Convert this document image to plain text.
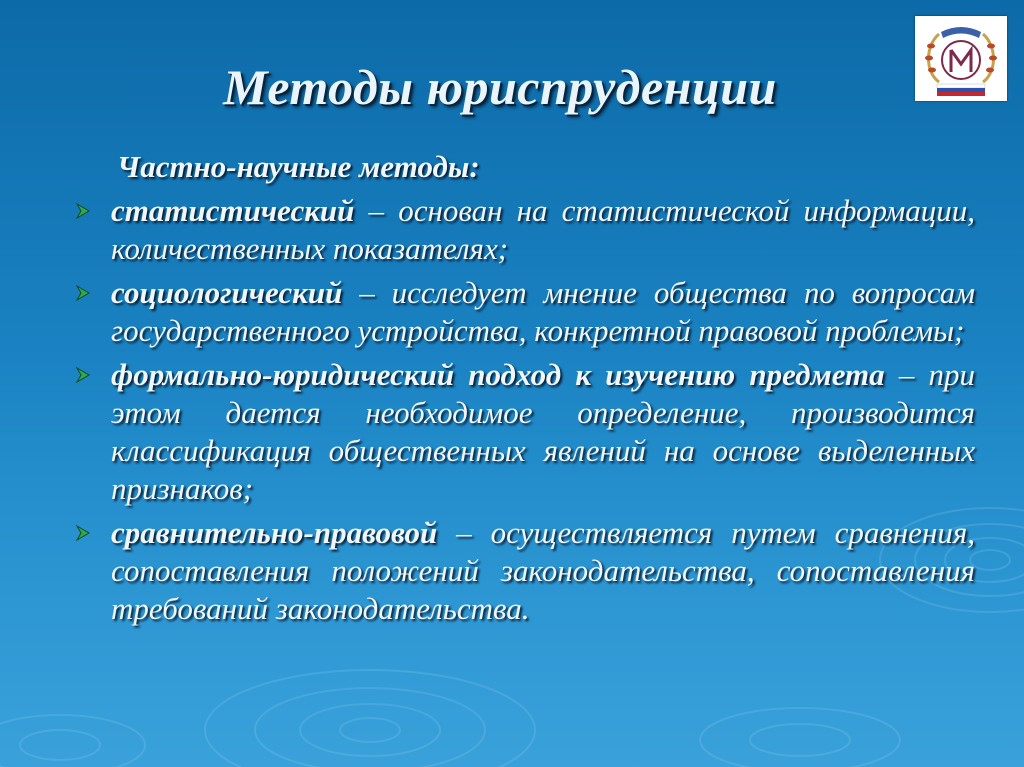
Методы юриспруденции
Частно-научные методы:
статистический – основан на статистической информации, количественных показателях;
социологический – исследует мнение общества по вопросам государственного устройства, конкретной правовой проблемы;
формально-юридический подход к изучению предмета – при этом дается необходимое определение, производится классификация общественных явлений на основе выделенных признаков;
сравнительно-правовой – осуществляется путем сравнения, сопоставления положений законодательства, сопоставления требований законодательства.
